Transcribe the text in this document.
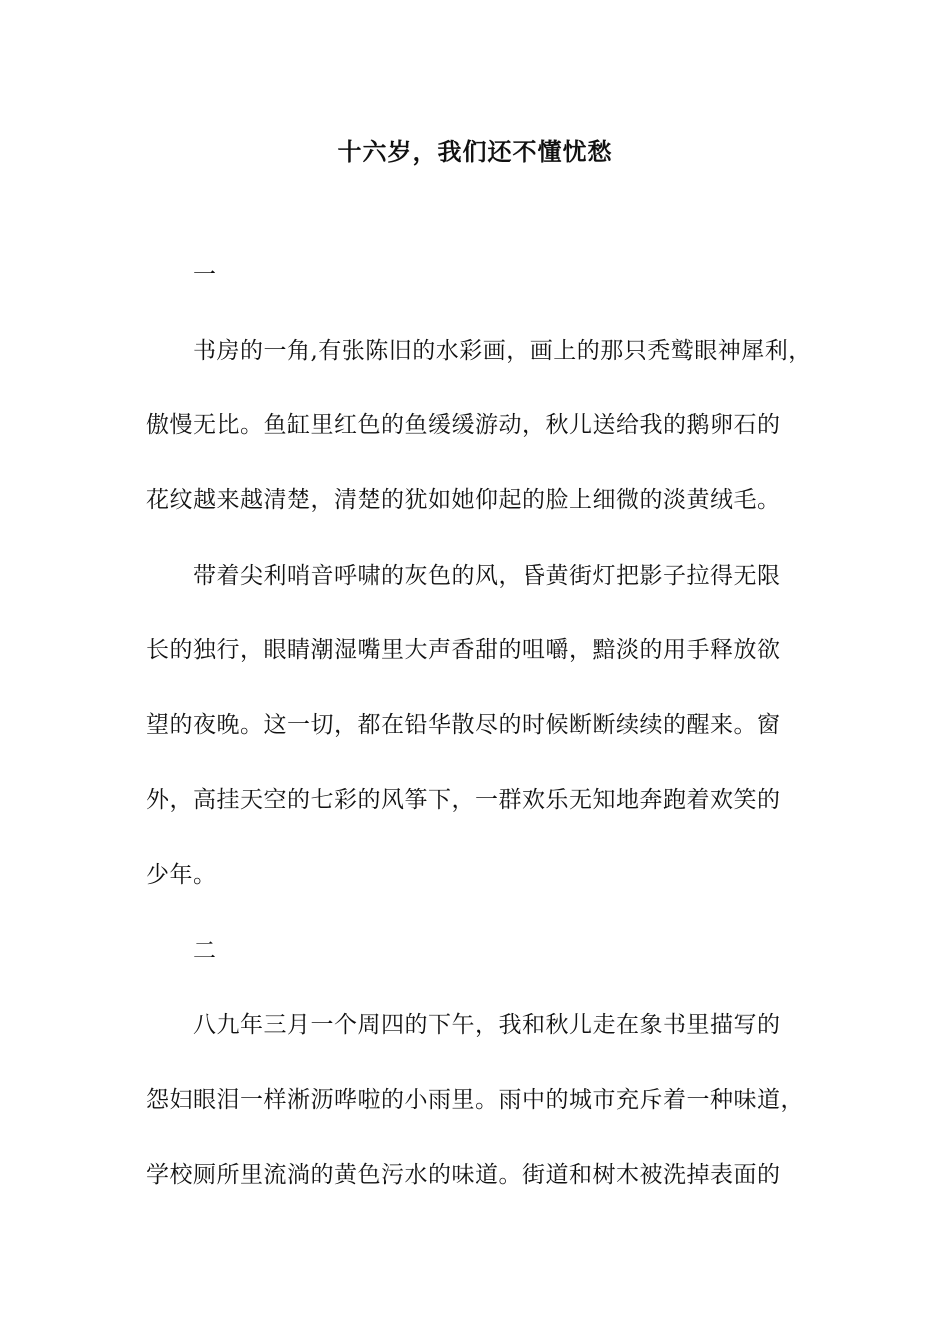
十六岁，我们还不懂忧愁
一
书房的一角,有张陈旧的水彩画，画上的那只秃鹫眼神犀利，
傲慢无比。鱼缸里红色的鱼缓缓游动，秋儿送给我的鹅卵石的
花纹越来越清楚，清楚的犹如她仰起的脸上细微的淡黄绒毛。
带着尖利哨音呼啸的灰色的风，昏黄街灯把影子拉得无限
长的独行，眼睛潮湿嘴里大声香甜的咀嚼，黯淡的用手释放欲
望的夜晚。这一切，都在铅华散尽的时候断断续续的醒来。窗
外，高挂天空的七彩的风筝下，一群欢乐无知地奔跑着欢笑的
少年。
二
八九年三月一个周四的下午，我和秋儿走在象书里描写的
怨妇眼泪一样淅沥哗啦的小雨里。雨中的城市充斥着一种味道，
学校厕所里流淌的黄色污水的味道。街道和树木被洗掉表面的
